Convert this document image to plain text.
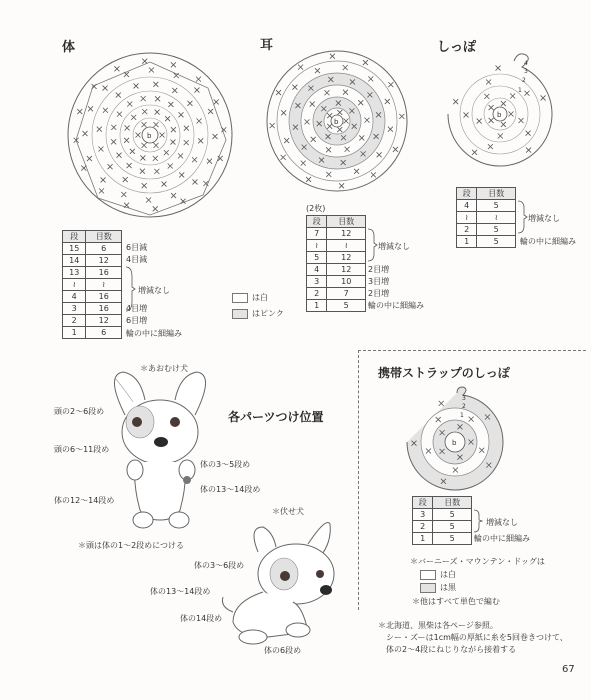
体	耳	しっぽ
b
b
b
1
2
3
4
段	目数
15	6
14	12
13	16
≀	≀
4	16
3	16
2	12
1	6
6目減
4目減
4目増
6目増
輪の中に細編み
増減なし
(2枚)
段	目数
7	12
≀	≀
5	12
4	12
3	10
2	7
1	5
2目増
3目増
2目増
輪の中に細編み
増減なし
段	目数
4	5
≀	≀
2	5
1	5	輪の中に細編み
増減なし
は白
はピンク
携帯ストラップのしっぽ
b
1
2
3
段	目数
3	5
2	5
1	5 輪の中に細編み
増減なし
＊バーニーズ・マウンテン・ドッグは
は白
は黒
＊他はすべて単色で編む
各パーツつけ位置
＊あおむけ犬
頭の2〜6段め
頭の6〜11段め
体の3〜5段め
体の13〜14段め
体の12〜14段め
＊頭は体の1〜2段めにつける
＊伏せ犬
体の3〜6段め
体の13〜14段め
体の14段め
体の6段め
＊北海道、黒柴は各ページ参照。
シー・ズーは1cm幅の厚紙に糸を5回巻きつけて、
体の2〜4段にねじりながら接着する
67
